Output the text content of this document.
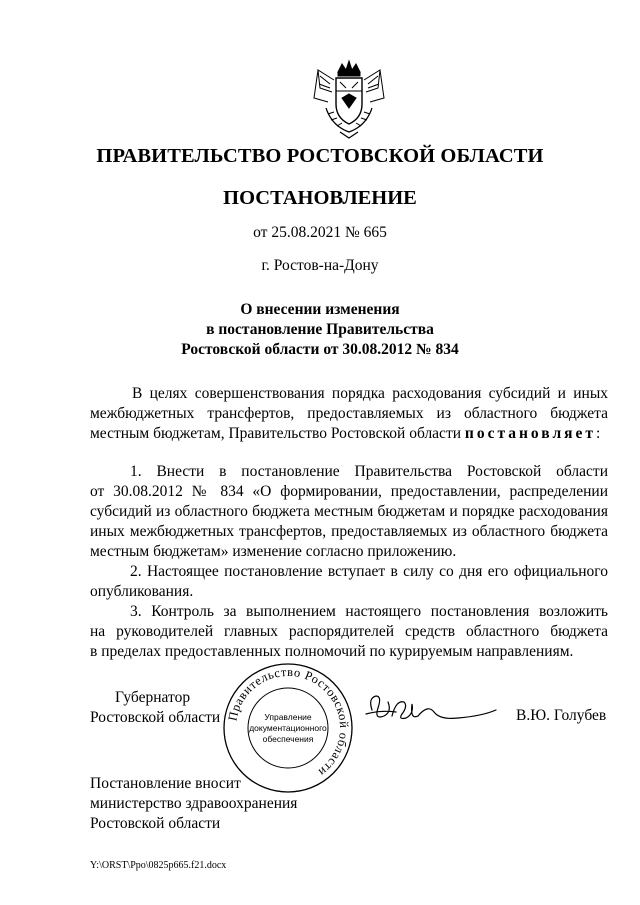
ПРАВИТЕЛЬСТВО РОСТОВСКОЙ ОБЛАСТИ
ПОСТАНОВЛЕНИЕ
от 25.08.2021 № 665
г. Ростов-на-Дону
О внесении изменения
в постановление Правительства
Ростовской области от 30.08.2012 № 834
В целях совершенствования порядка расходования субсидий и иных
межбюджетных трансфертов, предоставляемых из областного бюджета
местным бюджетам, Правительство Ростовской области постановляет:
1. Внести в постановление Правительства Ростовской области
от 30.08.2012 № 834 «О формировании, предоставлении, распределении
субсидий из областного бюджета местным бюджетам и порядке расходования
иных межбюджетных трансфертов, предоставляемых из областного бюджета
местным бюджетам» изменение согласно приложению.
2. Настоящее постановление вступает в силу со дня его официального
опубликования.
3. Контроль за выполнением настоящего постановления возложить
на руководителей главных распорядителей средств областного бюджета
в пределах предоставленных полномочий по курируемым направлениям.
Губернатор
Ростовской области Правительство Ростовской области
Управление
документационного
обеспечения
В.Ю. Голубев
Постановление вносит
министерство здравоохранения
Ростовской области
Y:\ORST\Ppo\0825p665.f21.docx
